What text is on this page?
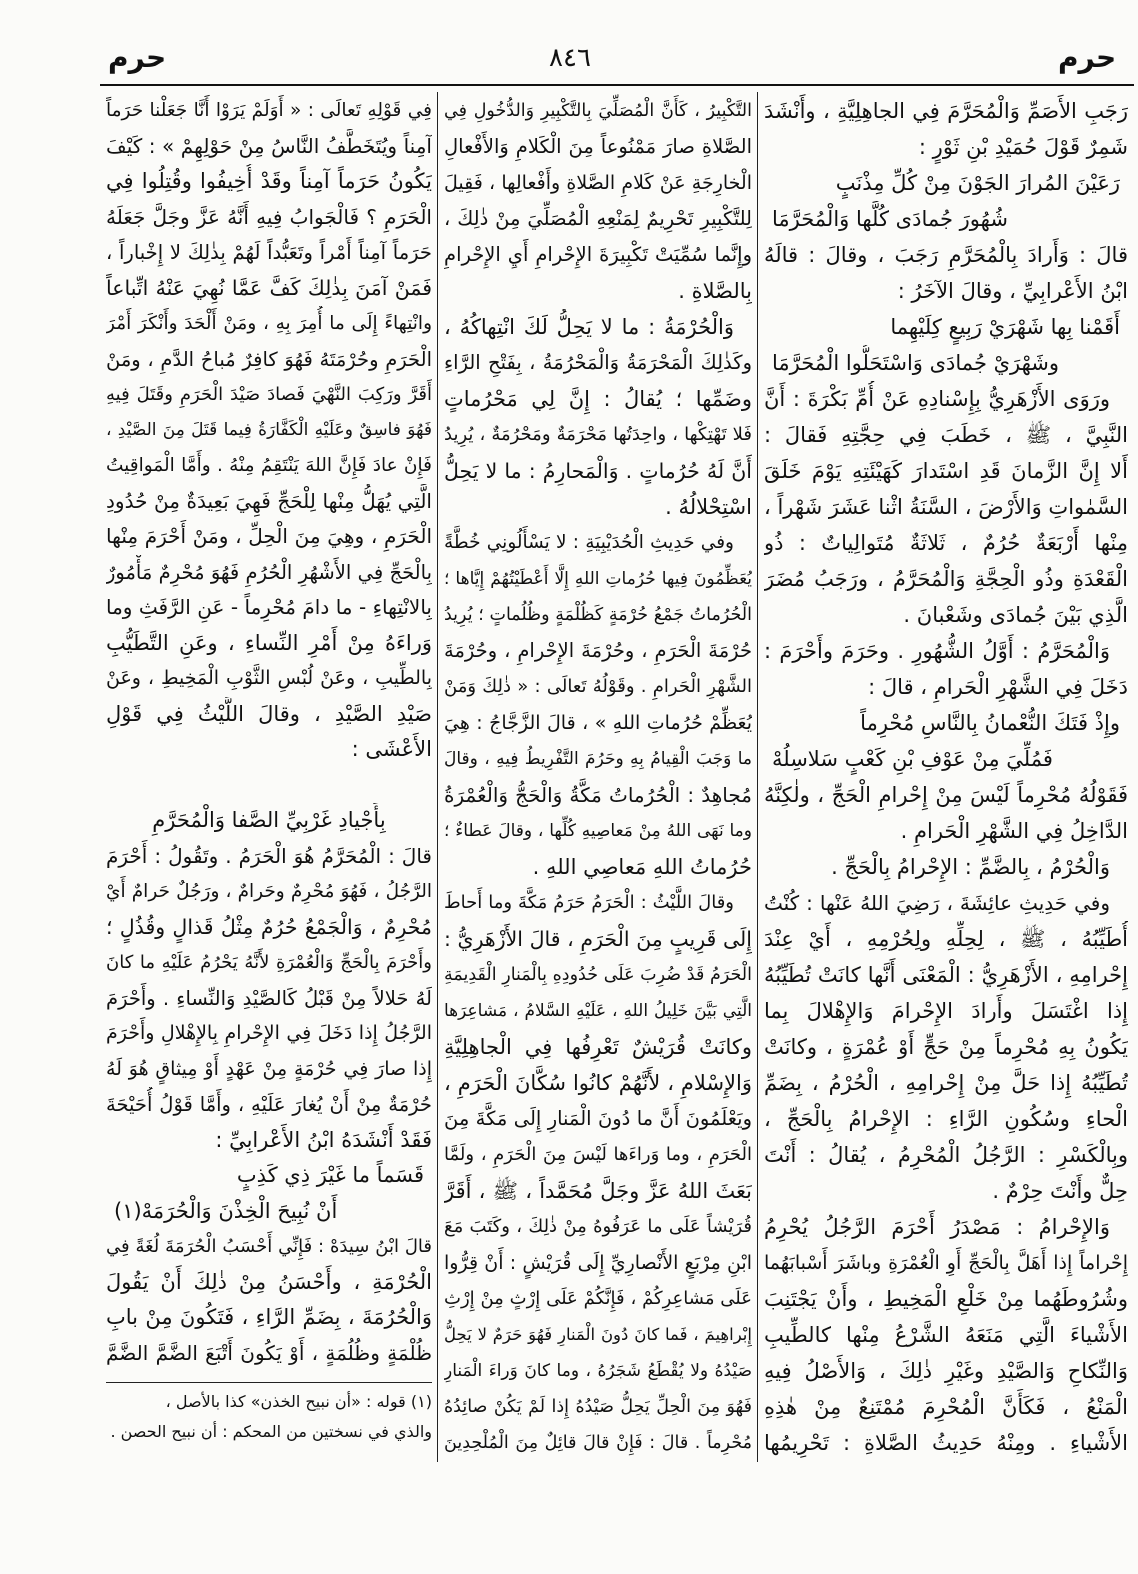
حرم	٨٤٦	حرم
رَجَبِ الأَصَمِّ وَالْمُحَرَّمَ فِي الجاهِلِيَّةِ ، وأَنْشَدَ
شَمِرٌ قَوْلَ حُمَيْدِ بْنِ ثَوْرٍ :
رَعَيْنَ المُرارَ الجَوْنَ مِنْ كُلِّ مِذْنَبٍ
شُهُورَ جُمادَى كُلَّها وَالْمُحَرَّمَا
قالَ : وَأَرادَ بِالْمُحَرَّمِ رَجَبَ ، وقالَ : قالَهُ
ابْنُ الأَعْرابِيِّ ، وقالَ الآخَرُ :
أَقَمْنا بِها شَهْرَيْ رَبِيعٍ كِلَيْهِما
وشَهْرَيْ جُمادَى وَاسْتَحَلُّوا الْمُحَرَّمَا
ورَوَى الأَزْهَرِيُّ بِإِسْنادِهِ عَنْ أُمِّ بَكْرَةَ : أَنَّ
النَّبِيَّ ، ﷺ ، خَطَبَ فِي حِجَّتِهِ فَقالَ :
أَلا إِنَّ الزَّمانَ قَدِ اسْتَدارَ كَهَيْئَتِهِ يَوْمَ خَلَقَ
السَّمٰواتِ وَالأَرْضَ ، السَّنَةُ اثْنا عَشَرَ شَهْراً ،
مِنْها أَرْبَعَةٌ حُرُمٌ ، ثَلاثَةٌ مُتَوالِياتٌ : ذُو
الْقَعْدَةِ وذُو الْحِجَّةِ وَالْمُحَرَّمُ ، ورَجَبُ مُضَرَ
الَّذِي بَيْنَ جُمادَى وشَعْبانَ .
وَالْمُحَرَّمُ : أَوَّلُ الشُّهُورِ . وحَرَمَ وأَحْرَمَ :
دَخَلَ فِي الشَّهْرِ الْحَرامِ ، قالَ :
وإِذْ فَتَكَ النُّعْمانُ بِالنَّاسِ مُحْرِماً
فَمُلِّيَ مِنْ عَوْفِ بْنِ كَعْبٍ سَلاسِلُهْ
فَقَوْلُهُ مُحْرِماً لَيْسَ مِنْ إِحْرامِ الْحَجِّ ، ولٰكِنَّهُ
الدَّاخِلُ فِي الشَّهْرِ الْحَرامِ .
وَالْحُرْمُ ، بِالضَّمِّ : الإِحْرامُ بِالْحَجِّ .
وفي حَدِيثِ عائِشَةَ ، رَضِيَ اللهُ عَنْها : كُنْتُ
أُطَيِّبُهُ ، ﷺ ، لِحِلِّهِ ولِحُرْمِهِ ، أَيْ عِنْدَ
إِحْرامِهِ ، الأَزْهَرِيُّ : الْمَعْنَى أَنَّها كانَتْ تُطَيِّبُهُ
إِذا اغْتَسَلَ وأَرادَ الإِحْرامَ وَالإِهْلالَ بِما
يَكُونُ بِهِ مُحْرِماً مِنْ حَجٍّ أَوْ عُمْرَةٍ ، وكانَتْ
تُطَيِّبُهُ إِذا حَلَّ مِنْ إِحْرامِهِ ، الْحُرْمُ ، بِضَمِّ
الْحاءِ وسُكُونِ الرَّاءِ : الإِحْرامُ بِالْحَجِّ ،
وبِالْكَسْرِ : الرَّجُلُ الْمُحْرِمُ ، يُقالُ : أَنْتَ
حِلٌّ وأَنْتَ حِرْمٌ .
وَالإِحْرامُ : مَصْدَرُ أَحْرَمَ الرَّجُلُ يُحْرِمُ
إِحْراماً إِذا أَهَلَّ بِالْحَجِّ أَوِ الْعُمْرَةِ وباشَرَ أَسْبابَهُما
وشُرُوطَهُما مِنْ خَلْعِ الْمَخِيطِ ، وأَنْ يَجْتَنِبَ
الأَشْياءَ الَّتِي مَنَعَهُ الشَّرْعُ مِنْها كالطِّيبِ
وَالنِّكاحِ وَالصَّيْدِ وغَيْرِ ذٰلِكَ ، وَالأَصْلُ فِيهِ
الْمَنْعُ ، فَكَأَنَّ الْمُحْرِمَ مُمْتَنِعٌ مِنْ هٰذِهِ
الأَشْياءِ . ومِنْهُ حَدِيثُ الصَّلاةِ : تَحْرِيمُها
التَّكْبِيرُ ، كَأَنَّ الْمُصَلِّيَ بِالتَّكْبِيرِ وَالدُّخُولِ فِي
الصَّلاةِ صارَ مَمْنُوعاً مِنَ الْكَلامِ وَالأَفْعالِ
الْخارِجَةِ عَنْ كَلامِ الصَّلاةِ وأَفْعالِها ، فَقِيلَ
لِلتَّكْبِيرِ تَحْرِيمٌ لِمَنْعِهِ الْمُصَلِّيَ مِنْ ذٰلِكَ ،
وإِنَّما سُمِّيَتْ تَكْبِيرَةَ الإِحْرامِ أَيِ الإِحْرامِ
بِالصَّلاةِ .
وَالْحُرْمَةُ : ما لا يَحِلُّ لَكَ انْتِهاكُهُ ،
وكَذٰلِكَ الْمَحْرَمَةُ وَالْمَحْرُمَةُ ، بِفَتْحِ الرَّاءِ
وضَمِّها ؛ يُقالُ : إِنَّ لِي مَحْرُماتٍ
فَلا تَهْتِكْها ، واحِدَتُها مَحْرَمَةٌ ومَحْرُمَةٌ ، يُرِيدُ
أَنَّ لَهُ حُرُماتٍ . وَالْمَحارِمُ : ما لا يَحِلُّ
اسْتِحْلالُهُ .
وفي حَدِيثِ الْحُدَيْبِيَةِ : لا يَسْأَلُونِي خُطَّةً
يُعَظِّمُونَ فِيها حُرُماتِ اللهِ إِلَّا أَعْطَيْتُهُمْ إِيَّاها ؛
الْحُرُماتُ جَمْعُ حُرْمَةٍ كَظُلْمَةٍ وظُلُماتٍ ؛ يُرِيدُ
حُرْمَةَ الْحَرَمِ ، وحُرْمَةَ الإِحْرامِ ، وحُرْمَةَ
الشَّهْرِ الْحَرامِ . وقَوْلُهُ تَعالَى : « ذٰلِكَ وَمَنْ
يُعَظِّمْ حُرُماتِ اللهِ » ، قالَ الزَّجَّاجُ : هِيَ
ما وَجَبَ الْقِيامُ بِهِ وحَرُمَ التَّفْرِيطُ فِيهِ ، وقالَ
مُجاهِدٌ : الْحُرُماتُ مَكَّةُ وَالْحَجُّ وَالْعُمْرَةُ
وما نَهَى اللهُ مِنْ مَعاصِيهِ كُلِّها ، وقالَ عَطاءٌ ؛
حُرُماتُ اللهِ مَعاصِي اللهِ .
وقالَ اللَّيْثُ : الْحَرَمُ حَرَمُ مَكَّةَ وما أَحاطَ
إِلَى قَرِيبٍ مِنَ الْحَرَمِ ، قالَ الأَزْهَرِيُّ :
الْحَرَمُ قَدْ ضُرِبَ عَلَى حُدُودِهِ بِالْمَنارِ الْقَدِيمَةِ
الَّتِي بَيَّنَ خَلِيلُ اللهِ ، عَلَيْهِ السَّلامُ ، مَشاعِرَها
وكانَتْ قُرَيْشٌ تَعْرِفُها فِي الْجاهِلِيَّةِ
وَالإِسْلامِ ، لأَنَّهُمْ كانُوا سُكَّانَ الْحَرَمِ ،
ويَعْلَمُونَ أَنَّ ما دُونَ الْمَنارِ إِلَى مَكَّةَ مِنَ
الْحَرَمِ ، وما وَراءَها لَيْسَ مِنَ الْحَرَمِ ، ولَمَّا
بَعَثَ اللهُ عَزَّ وجَلَّ مُحَمَّداً ، ﷺ ، أَقَرَّ
قُرَيْشاً عَلَى ما عَرَفُوهُ مِنْ ذٰلِكَ ، وكَتَبَ مَعَ
ابْنِ مِرْبَعٍ الأَنْصارِيِّ إِلَى قُرَيْشٍ : أَنْ قِرُّوا
عَلَى مَشاعِرِكُمْ ، فَإِنَّكُمْ عَلَى إِرْثٍ مِنْ إِرْثِ
إِبْراهِيمَ ، فَما كانَ دُونَ الْمَنارِ فَهُوَ حَرَمٌ لا يَحِلُّ
صَيْدُهُ ولا يُقْطَعُ شَجَرُهُ ، وما كانَ وَراءَ الْمَنارِ
فَهُوَ مِنَ الْحِلِّ يَحِلُّ صَيْدُهُ إِذا لَمْ يَكُنْ صائِدُهُ
مُحْرِماً . قالَ : فَإِنْ قالَ قائِلٌ مِنَ الْمُلْحِدِينَ
فِي قَوْلِهِ تَعالَى : « أَوَلَمْ يَرَوْا أَنَّا جَعَلْنا حَرَماً
آمِناً ويُتَخَطَّفُ النَّاسُ مِنْ حَوْلِهِمْ » : كَيْفَ
يَكُونُ حَرَماً آمِناً وقَدْ أُخِيفُوا وقُتِلُوا فِي
الْحَرَمِ ؟ فَالْجَوابُ فِيهِ أَنَّهُ عَزَّ وجَلَّ جَعَلَهُ
حَرَماً آمِناً أَمْراً وتَعَبُّداً لَهُمْ بِذٰلِكَ لا إِخْباراً ،
فَمَنْ آمَنَ بِذٰلِكَ كَفَّ عَمَّا نُهِيَ عَنْهُ اتِّباعاً
وانْتِهاءً إِلَى ما أُمِرَ بِهِ ، ومَنْ أَلْحَدَ وأَنْكَرَ أَمْرَ
الْحَرَمِ وحُرْمَتَهُ فَهُوَ كافِرٌ مُباحُ الدَّمِ ، ومَنْ
أَقَرَّ ورَكِبَ النَّهْيَ فَصادَ صَيْدَ الْحَرَمِ وقَتَلَ فِيهِ
فَهُوَ فاسِقٌ وعَلَيْهِ الْكَفَّارَةُ فِيما قَتَلَ مِنَ الصَّيْدِ ،
فَإِنْ عادَ فَإِنَّ اللهَ يَنْتَقِمُ مِنْهُ . وأَمَّا الْمَواقِيتُ
الَّتِي يُهَلُّ مِنْها لِلْحَجِّ فَهِيَ بَعِيدَةٌ مِنْ حُدُودِ
الْحَرَمِ ، وهِيَ مِنَ الْحِلِّ ، ومَنْ أَحْرَمَ مِنْها
بِالْحَجِّ فِي الأَشْهُرِ الْحُرُمِ فَهُوَ مُحْرِمٌ مَأْمُورٌ
بِالانْتِهاءِ - ما دامَ مُحْرِماً - عَنِ الرَّفَثِ وما
وَراءَهُ مِنْ أَمْرِ النِّساءِ ، وعَنِ التَّطَيُّبِ
بِالطِّيبِ ، وعَنْ لُبْسِ الثَّوْبِ الْمَخِيطِ ، وعَنْ
صَيْدِ الصَّيْدِ ، وقالَ اللَّيْثُ فِي قَوْلِ
الأَعْشَى :
بِأَجْيادِ غَرْبِيِّ الصَّفا وَالْمُحَرَّمِ
قالَ : الْمُحَرَّمُ هُوَ الْحَرَمُ . وتَقُولُ : أَحْرَمَ
الرَّجُلُ ، فَهُوَ مُحْرِمٌ وحَرامٌ ، ورَجُلٌ حَرامٌ أَيْ
مُحْرِمٌ ، وَالْجَمْعُ حُرُمٌ مِثْلُ قَذالٍ وقُذُلٍ ؛
وأَحْرَمَ بِالْحَجِّ وَالْعُمْرَةِ لأَنَّهُ يَحْرُمُ عَلَيْهِ ما كانَ
لَهُ حَلالاً مِنْ قَبْلُ كَالصَّيْدِ وَالنِّساءِ . وأَحْرَمَ
الرَّجُلُ إِذا دَخَلَ فِي الإِحْرامِ بِالإِهْلالِ وأَحْرَمَ
إِذا صارَ فِي حُرْمَةٍ مِنْ عَهْدٍ أَوْ مِيثاقٍ هُوَ لَهُ
حُرْمَةٌ مِنْ أَنْ يُغارَ عَلَيْهِ ، وأَمَّا قَوْلُ أُحَيْحَةَ
فَقَدْ أَنْشَدَهُ ابْنُ الأَعْرابِيِّ :
قَسَماً ما غَيْرَ ذِي كَذِبٍ
أَنْ نُبِيحَ الْخِذْنَ وَالْحُرَمَهْ(١)
قالَ ابْنُ سِيدَهْ : فَإِنِّي أَحْسَبُ الْحُرَمَةَ لُغَةً فِي
الْحُرْمَةِ ، وأَحْسَنُ مِنْ ذٰلِكَ أَنْ يَقُولَ
وَالْحُرُمَةَ ، بِضَمِّ الرَّاءِ ، فَتَكُونَ مِنْ بابِ
ظُلْمَةٍ وظُلُمَةٍ ، أَوْ يَكُونَ أَتْبَعَ الضَّمَّ الضَّمَّ
(١) قوله : «أن نبيح الخذن» كذا بالأصل ،
والذي في نسختين من المحكم : أن نبيح الحصن .
